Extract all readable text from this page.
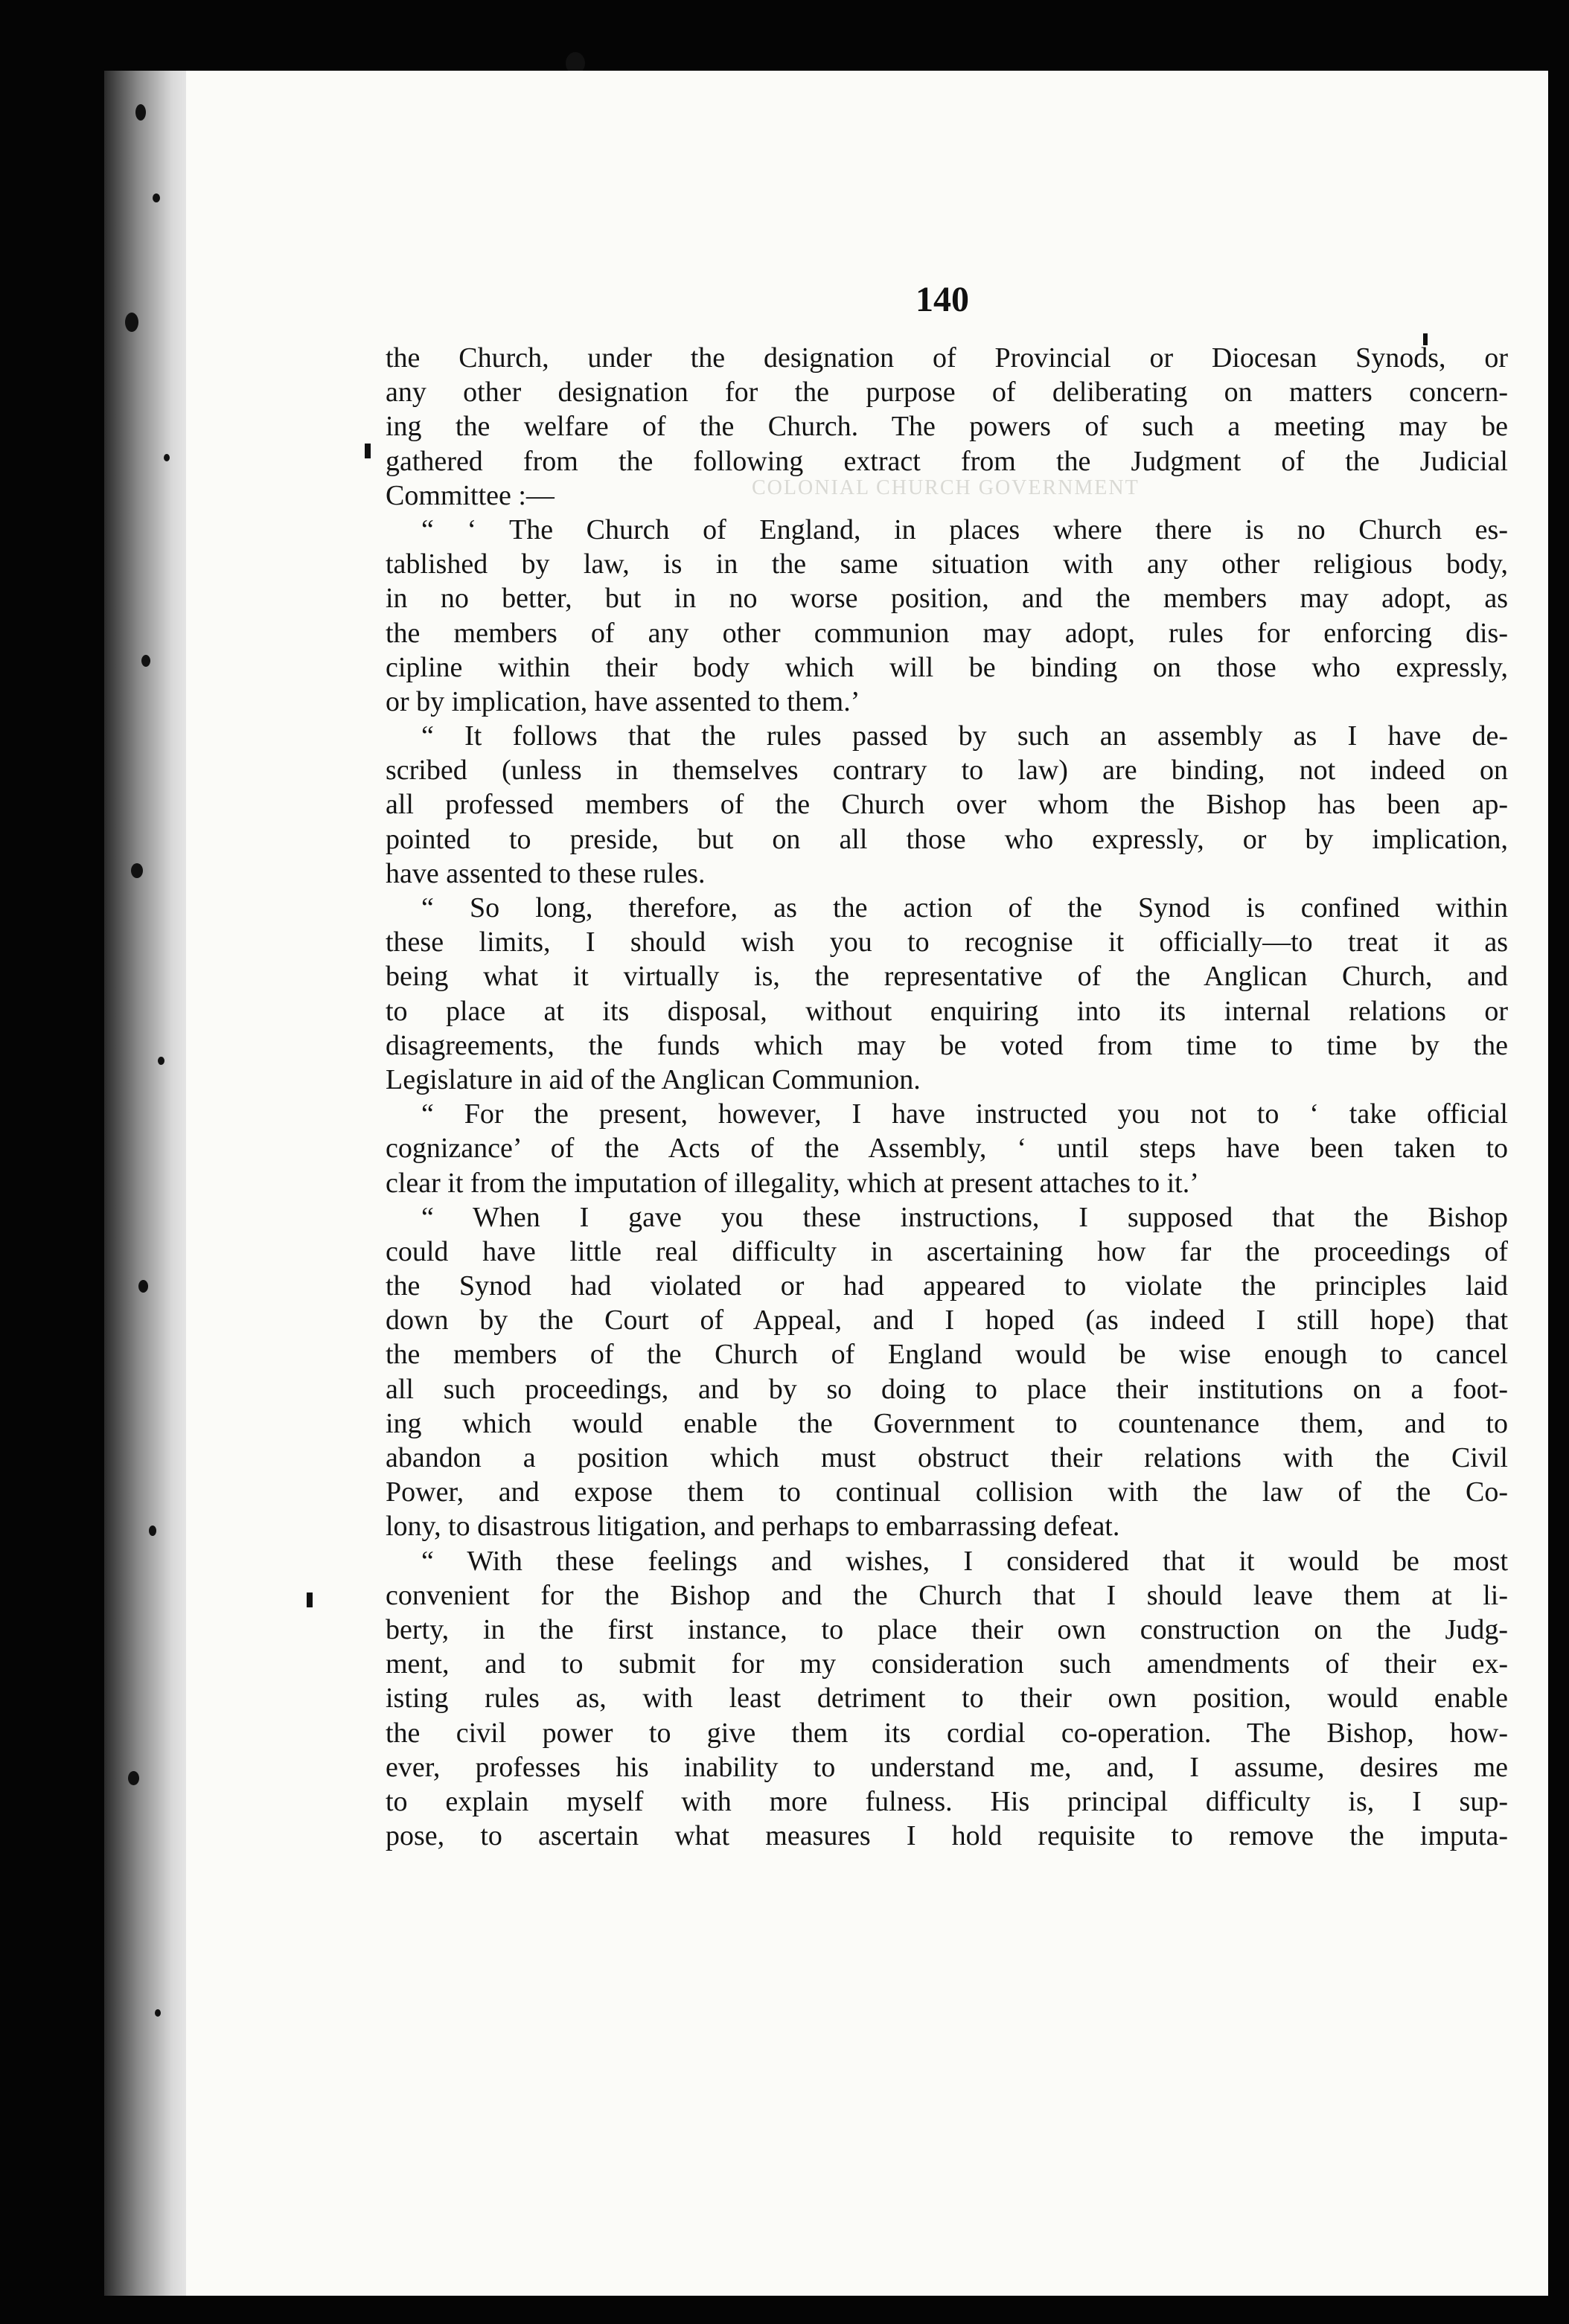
COLONIAL CHURCH GOVERNMENT
140
the Church, under the designation of Provincial or Diocesan Synods, or
any other designation for the purpose of deliberating on matters concern-
ing the welfare of the Church. The powers of such a meeting may be
gathered from the following extract from the Judgment of the Judicial
Committee :—
“ ‘ The Church of England, in places where there is no Church es-
tablished by law, is in the same situation with any other religious body,
in no better, but in no worse position, and the members may adopt, as
the members of any other communion may adopt, rules for enforcing dis-
cipline within their body which will be binding on those who expressly,
or by implication, have assented to them.’
“ It follows that the rules passed by such an assembly as I have de-
scribed (unless in themselves contrary to law) are binding, not indeed on
all professed members of the Church over whom the Bishop has been ap-
pointed to preside, but on all those who expressly, or by implication,
have assented to these rules.
“ So long, therefore, as the action of the Synod is confined within
these limits, I should wish you to recognise it officially—to treat it as
being what it virtually is, the representative of the Anglican Church, and
to place at its disposal, without enquiring into its internal relations or
disagreements, the funds which may be voted from time to time by the
Legislature in aid of the Anglican Communion.
“ For the present, however, I have instructed you not to ‘ take official
cognizance’ of the Acts of the Assembly, ‘ until steps have been taken to
clear it from the imputation of illegality, which at present attaches to it.’
“ When I gave you these instructions, I supposed that the Bishop
could have little real difficulty in ascertaining how far the proceedings of
the Synod had violated or had appeared to violate the principles laid
down by the Court of Appeal, and I hoped (as indeed I still hope) that
the members of the Church of England would be wise enough to cancel
all such proceedings, and by so doing to place their institutions on a foot-
ing which would enable the Government to countenance them, and to
abandon a position which must obstruct their relations with the Civil
Power, and expose them to continual collision with the law of the Co-
lony, to disastrous litigation, and perhaps to embarrassing defeat.
“ With these feelings and wishes, I considered that it would be most
convenient for the Bishop and the Church that I should leave them at li-
berty, in the first instance, to place their own construction on the Judg-
ment, and to submit for my consideration such amendments of their ex-
isting rules as, with least detriment to their own position, would enable
the civil power to give them its cordial co-operation. The Bishop, how-
ever, professes his inability to understand me, and, I assume, desires me
to explain myself with more fulness. His principal difficulty is, I sup-
pose, to ascertain what measures I hold requisite to remove the imputa-
